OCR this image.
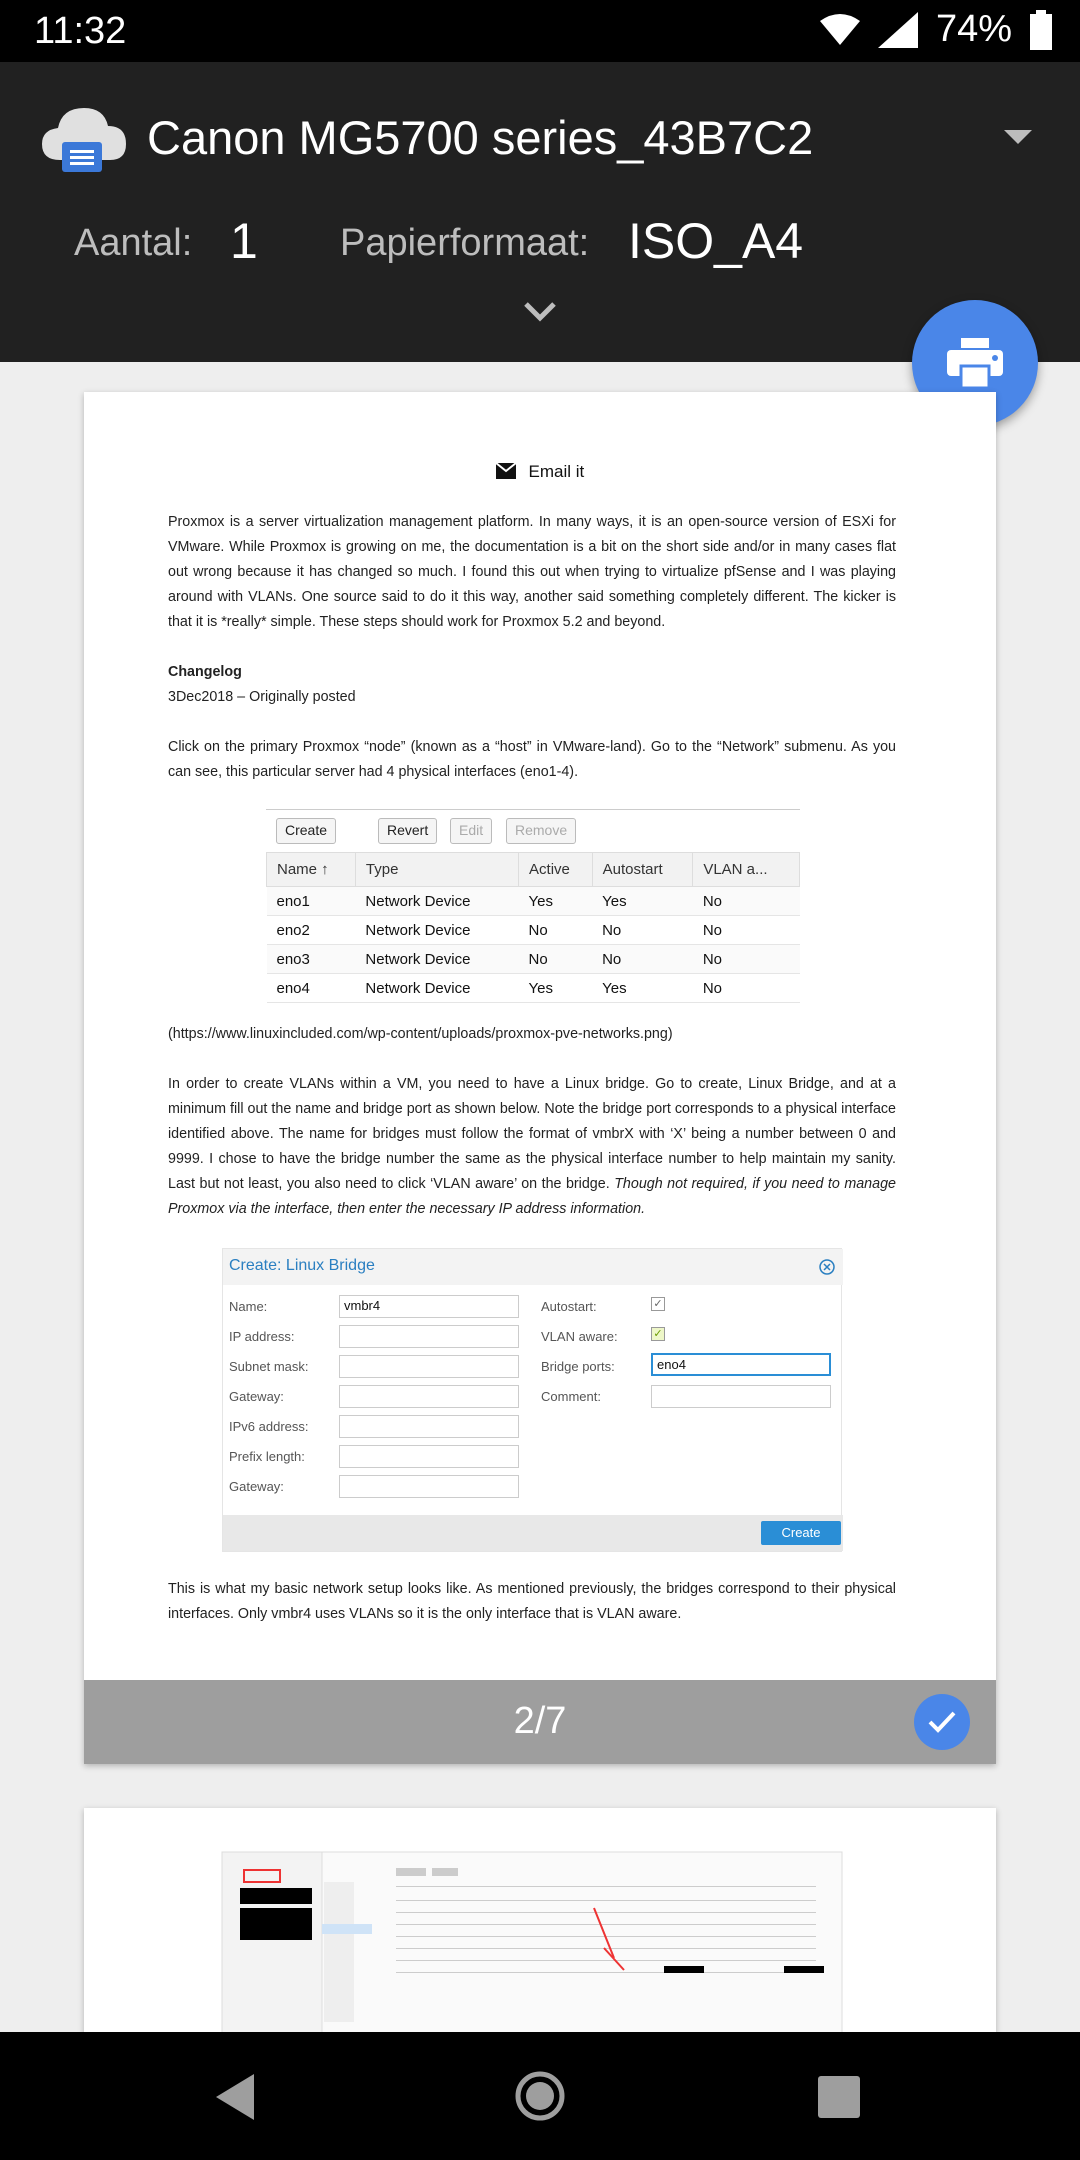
11:32	74%
Canon MG5700 series_43B7C2
Aantal: 1 Papierformaat: ISO_A4
Email it

Proxmox is a server virtualization management platform. In many ways, it is an open-source version of ESXi for VMware. While Proxmox is growing on me, the documentation is a bit on the short side and/or in many cases flat out wrong because it has changed so much. I found this out when trying to virtualize pfSense and I was playing around with VLANs. One source said to do it this way, another said something completely different. The kicker is that it is *really* simple. These steps should work for Proxmox 5.2 and beyond.

Changelog

3Dec2018 – Originally posted

Click on the primary Proxmox “node” (known as a “host” in VMware-land). Go to the “Network” submenu. As you can see, this particular server had 4 physical interfaces (eno1-4).

Create	Revert	Edit	Remove
Name ↑	Type	Active	Autostart	VLAN a...
eno1	Network Device	Yes	Yes	No
eno2	Network Device	No	No	No
eno3	Network Device	No	No	No
eno4	Network Device	Yes	Yes	No

(https://www.linuxincluded.com/wp-content/uploads/proxmox-pve-networks.png)

In order to create VLANs within a VM, you need to have a Linux bridge. Go to create, Linux Bridge, and at a minimum fill out the name and bridge port as shown below. Note the bridge port corresponds to a physical interface identified above. The name for bridges must follow the format of vmbrX with ‘X’ being a number between 0 and 9999. I chose to have the bridge number the same as the physical interface number to help maintain my sanity. Last but not least, you also need to click ‘VLAN aware’ on the bridge. Though not required, if you need to manage Proxmox via the interface, then enter the necessary IP address information.

Create: Linux Bridge
Name:	vmbr4
IP address:
Subnet mask:
Gateway:
IPv6 address:
Prefix length:
Gateway:
Autostart:	✓
VLAN aware:	✓
Bridge ports:	eno4
Comment:
Create

This is what my basic network setup looks like. As mentioned previously, the bridges correspond to their physical interfaces. Only vmbr4 uses VLANs so it is the only interface that is VLAN aware.

2/7
